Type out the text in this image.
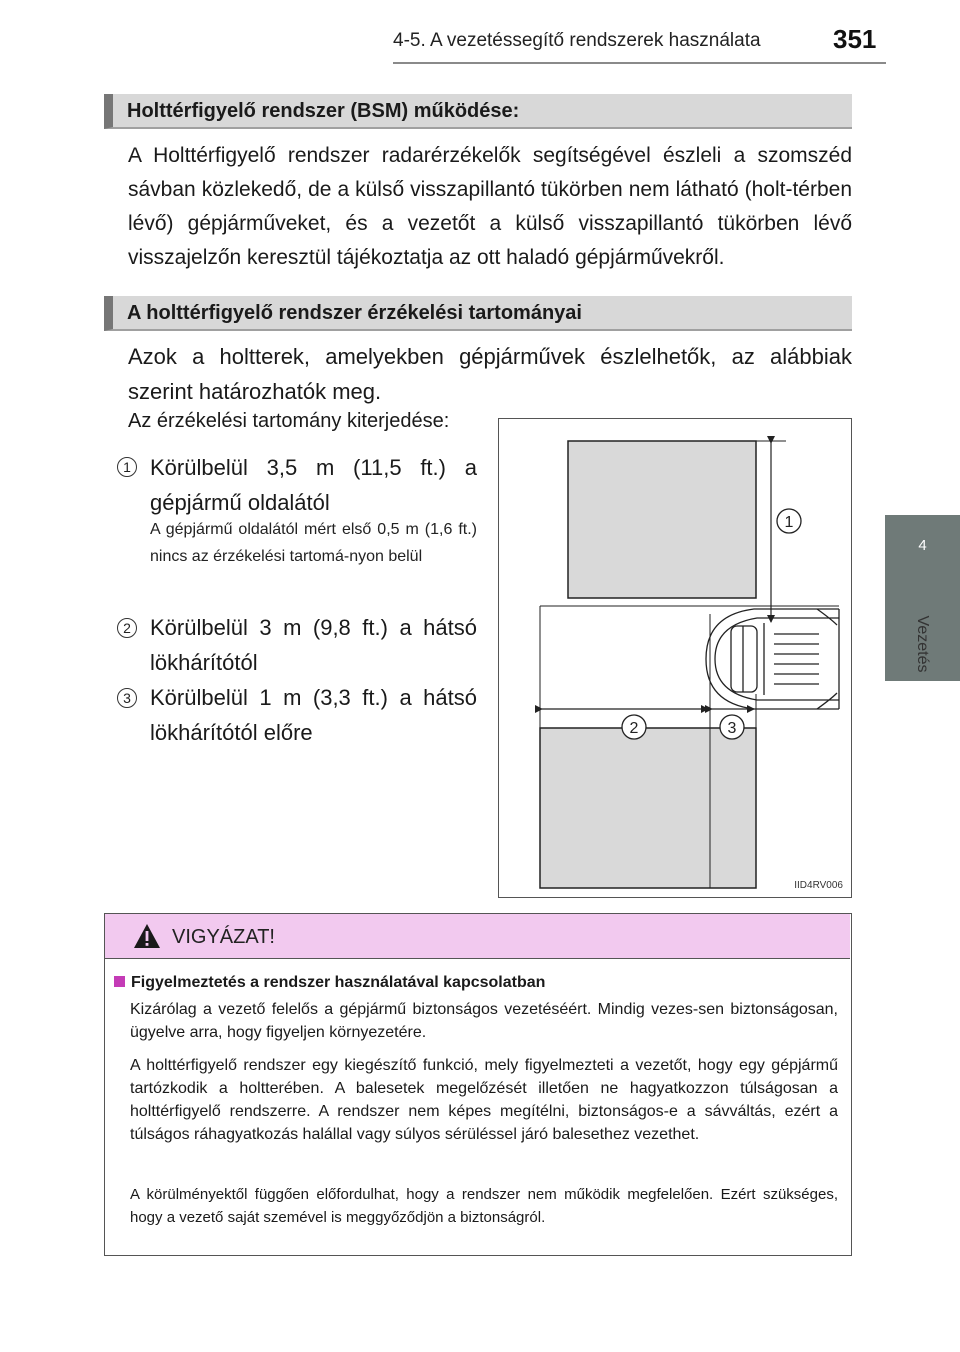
4-5. A vezetéssegítő rendszerek használata	351
4
Vezetés
Holttérfigyelő rendszer (BSM) működése:

A Holttérfigyelő rendszer radarérzékelők segítségével észleli a szomszéd sávban közlekedő, de a külső visszapillantó tükörben nem látható (holt-térben lévő) gépjárműveket, és a vezetőt a külső visszapillantó tükörben lévő visszajelzőn keresztül tájékoztatja az ott haladó gépjárművekről.

A holttérfigyelő rendszer érzékelési tartományai

Azok a holtterek, amelyekben gépjárművek észlelhetők, az alábbiak szerint határozhatók meg.

Az érzékelési tartomány kiterjedése:
1 Körülbelül 3,5 m (11,5 ft.) a gépjármű oldalától

A gépjármű oldalától mért első 0,5 m (1,6 ft.) nincs az érzékelési tartomá-nyon belül

2 Körülbelül 3 m (9,8 ft.) a hátsó lökhárítótól

3 Körülbelül 1 m (3,3 ft.) a hátsó lökhárítótól előre

1
2	3
IID4RV006
VIGYÁZAT!
Figyelmeztetés a rendszer használatával kapcsolatban

Kizárólag a vezető felelős a gépjármű biztonságos vezetéséért. Mindig vezes-sen biztonságosan, ügyelve arra, hogy figyeljen környezetére.

A holttérfigyelő rendszer egy kiegészítő funkció, mely figyelmezteti a vezetőt, hogy egy gépjármű tartózkodik a holtterében. A balesetek megelőzését illetően ne hagyatkozzon túlságosan a holttérfigyelő rendszerre. A rendszer nem képes megítélni, biztonságos-e a sávváltás, ezért a túlságos ráhagyatkozás halállal vagy súlyos sérüléssel járó balesethez vezethet.

A körülményektől függően előfordulhat, hogy a rendszer nem működik megfelelően. Ezért szükséges, hogy a vezető saját szemével is meggyőződjön a biztonságról.
